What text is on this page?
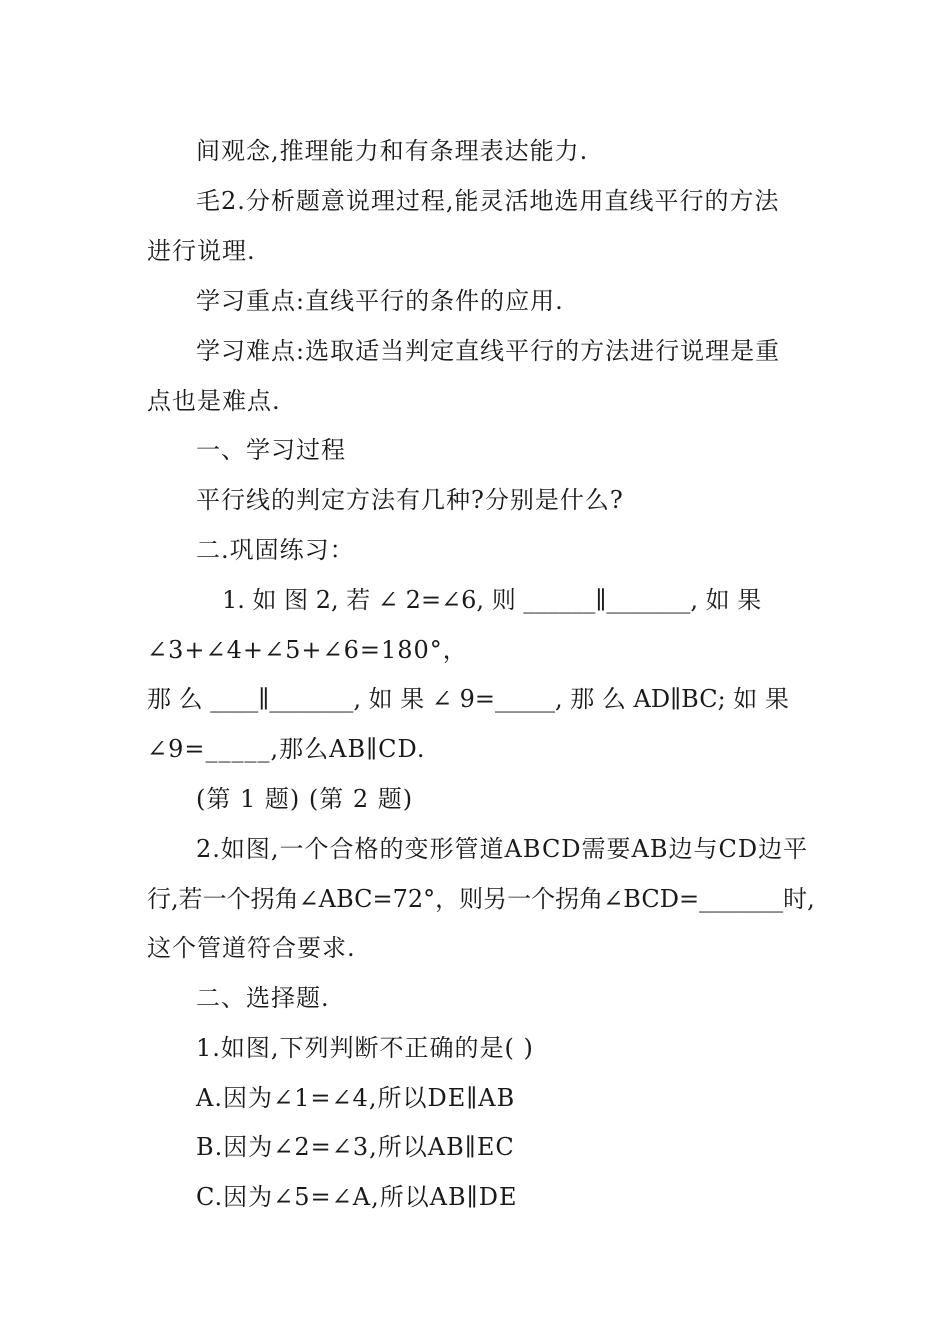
间观念,推理能力和有条理表达能力.
毛2.分析题意说理过程,能灵活地选用直线平行的方法
进行说理.
学习重点:直线平行的条件的应用.
学习难点:选取适当判定直线平行的方法进行说理是重
点也是难点.
一、学习过程
平行线的判定方法有几种?分别是什么?
二.巩固练习：
1. 如 图 2, 若 ∠ 2=∠6, 则 ______∥_______, 如 果
∠3+∠4+∠5+∠6=180°，
那 么 ____∥_______, 如 果 ∠ 9=_____, 那 么 AD∥BC; 如 果
∠9=_____,那么AB∥CD.
(第 1 题) (第 2 题)
2.如图,一个合格的变形管道ABCD需要AB边与CD边平
行,若一个拐角∠ABC=72°，则另一个拐角∠BCD=_______时,
这个管道符合要求.
二、选择题.
1.如图,下列判断不正确的是( )
A.因为∠1=∠4,所以DE∥AB
B.因为∠2=∠3,所以AB∥EC
C.因为∠5=∠A,所以AB∥DE
